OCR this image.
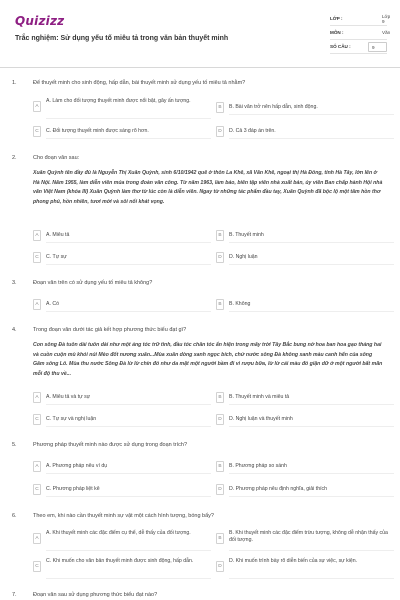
Quizizz
Trắc nghiệm: Sử dụng yếu tố miêu tả trong văn bản thuyết minh
LỚP :	Lớp 9
MÔN :	Văn
SỐ CÂU :	9
1.	Để thuyết minh cho sinh động, hấp dẫn, bài thuyết minh sử dụng yếu tố miêu tả nhằm?
A
A. Làm cho đối tượng thuyết minh được nổi bật, gây ấn tượng.
B	B. Bài văn trở nên hấp dẫn, sinh động.
C	C. Đối tượng thuyết minh được sáng rõ hơn.	D	D. Cả 3 đáp án trên.
2.	Cho đoạn văn sau:
Xuân Quỳnh tên đầy đủ là Nguyễn Thị Xuân Quỳnh, sinh 6/10/1942 quê ở thôn La Khê, xã Văn Khê, ngoại thị Hà Đông, tỉnh Hà Tây, lớn lên ở Hà Nội. Năm 1955, làm diễn viên múa trong đoàn văn công. Từ năm 1963, làm báo, biên tập viên nhà xuất bản, ủy viên Ban chấp hành Hội nhà văn Việt Nam (khóa III) Xuân Quỳnh làm thơ từ lúc còn là diễn viên. Ngay từ những tác phẩm đầu tay, Xuân Quỳnh đã bộc lộ một tâm hồn thơ phong phú, hồn nhiên, tươi mới và sôi nổi khát vọng.
A	A. Miêu tả	B	B. Thuyết minh
C	C. Tự sự	D	D. Nghị luận
3.	Đoạn văn trên có sử dụng yếu tố miêu tả không?
A	A. Có	B	B. Không
4.	Trong đoạn văn dưới tác giả kết hợp phương thức biểu đạt gì?
Con sông Đà tuôn dài tuôn dài như một áng tóc trữ tình, đầu tóc chân tóc ẩn hiện trong mây trời Tây Bắc bung nở hoa ban hoa gạo tháng hai và cuồn cuộn mù khói núi Mèo đốt nương xuân...Mùa xuân dòng xanh ngọc bích, chứ nước sông Đà không xanh màu canh hến của sông Gâm sông Lô. Mùa thu nước Sông Đà lừ lừ chín đỏ như da mặt một người bầm đi vì rượu bữa, lừ lừ cái màu đỏ giận dữ ở một người bất mãn mỗi độ thu về...
A	A. Miêu tả và tự sự	B	B. Thuyết minh và miêu tả
C	C. Tự sự và nghị luận	D	D. Nghị luận và thuyết minh
5.	Phương pháp thuyết minh nào được sử dụng trong đoạn trích?
A	A. Phương pháp nêu ví dụ	B	B. Phương pháp so sánh
C	C. Phương pháp liệt kê	D	D. Phương pháp nêu định nghĩa, giải thích
6.	Theo em, khi nào cần thuyết minh sự vật một cách hình tượng, bóng bẩy?
A
A. Khi thuyết minh các đặc điểm cụ thể, dễ thấy của đối tượng.
B
B. Khi thuyết minh các đặc điểm trừu tượng, không dễ nhận thấy của đối tượng.
C
C. Khi muốn cho văn bản thuyết minh được sinh động, hấp dẫn.
D
D. Khi muốn trình bày rõ diễn biến của sự việc, sự kiện.
7.	Đoạn văn sau sử dụng phương thức biểu đạt nào?
